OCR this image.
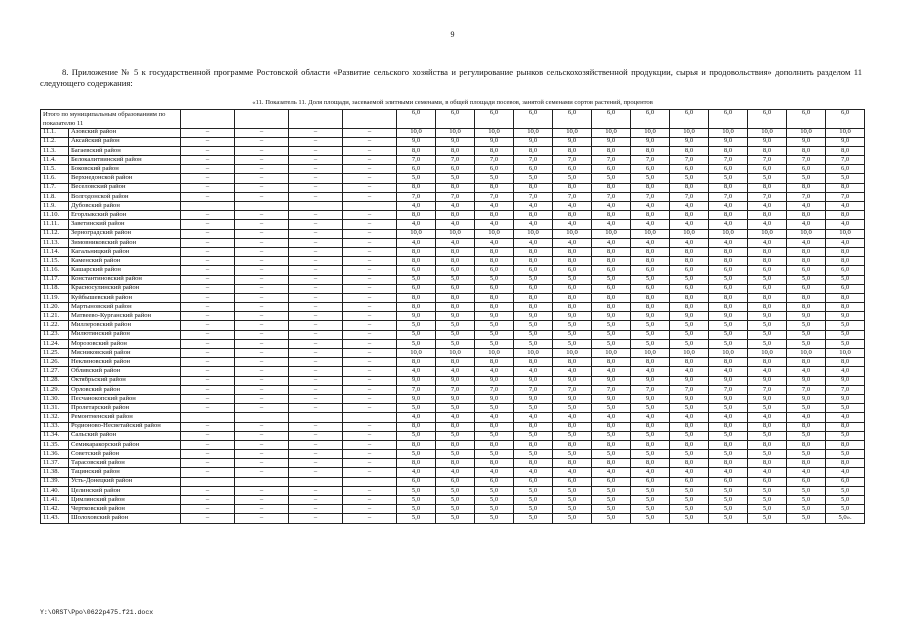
9

8. Приложение № 5 к государственной программе Ростовской области «Развитие сельского хозяйства и регулирование рынков сельскохозяйственной продукции, сырья и продовольствия» дополнить разделом 11 следующего содержания:

«11. Показатель 11. Доля площади, засеваемой элитными семенами, в общей площади посевов, занятой семенами сортов растений, процентов																	
Итого по муниципальным образованиям по показателю 11						6,0	6,0	6,0	6,0	6,0	6,0	6,0	6,0	6,0	6,0	6,0	6,0
11.1.	Азовский район	–	–	–	–	10,0	10,0	10,0	10,0	10,0	10,0	10,0	10,0	10,0	10,0	10,0	10,0
11.2.	Аксайский район	–	–	–	–	9,0	9,0	9,0	9,0	9,0	9,0	9,0	9,0	9,0	9,0	9,0	9,0
11.3.	Багаевский район	–	–	–	–	8,0	8,0	8,0	8,0	8,0	8,0	8,0	8,0	8,0	8,0	8,0	8,0
11.4.	Белокалитвинский район	–	–	–	–	7,0	7,0	7,0	7,0	7,0	7,0	7,0	7,0	7,0	7,0	7,0	7,0
11.5.	Боковский район	–	–	–	–	6,0	6,0	6,0	6,0	6,0	6,0	6,0	6,0	6,0	6,0	6,0	6,0
11.6.	Верхнедонской район	–	–	–	–	5,0	5,0	5,0	5,0	5,0	5,0	5,0	5,0	5,0	5,0	5,0	5,0
11.7.	Веселовский район	–	–	–	–	8,0	8,0	8,0	8,0	8,0	8,0	8,0	8,0	8,0	8,0	8,0	8,0
11.8.	Волгодонской район	–	–	–	–	7,0	7,0	7,0	7,0	7,0	7,0	7,0	7,0	7,0	7,0	7,0	7,0
11.9.	Дубовский район					4,0	4,0	4,0	4,0	4,0	4,0	4,0	4,0	4,0	4,0	4,0	4,0
11.10.	Егорлыкский район	–	–	–	–	8,0	8,0	8,0	8,0	8,0	8,0	8,0	8,0	8,0	8,0	8,0	8,0
11.11.	Заветинский район	–	–	–	–	4,0	4,0	4,0	4,0	4,0	4,0	4,0	4,0	4,0	4,0	4,0	4,0
11.12.	Зерноградский район	–	–	–	–	10,0	10,0	10,0	10,0	10,0	10,0	10,0	10,0	10,0	10,0	10,0	10,0
11.13.	Зимовниковский район	–	–	–	–	4,0	4,0	4,0	4,0	4,0	4,0	4,0	4,0	4,0	4,0	4,0	4,0
11.14.	Кагальницкий район	–	–	–	–	8,0	8,0	8,0	8,0	8,0	8,0	8,0	8,0	8,0	8,0	8,0	8,0
11.15.	Каменский район	–	–	–	–	8,0	8,0	8,0	8,0	8,0	8,0	8,0	8,0	8,0	8,0	8,0	8,0
11.16.	Кашарский район	–	–	–	–	6,0	6,0	6,0	6,0	6,0	6,0	6,0	6,0	6,0	6,0	6,0	6,0
11.17.	Константиновский район	–	–	–	–	5,0	5,0	5,0	5,0	5,0	5,0	5,0	5,0	5,0	5,0	5,0	5,0
11.18.	Красносулинский район	–	–	–	–	6,0	6,0	6,0	6,0	6,0	6,0	6,0	6,0	6,0	6,0	6,0	6,0
11.19.	Куйбышевский район	–	–	–	–	8,0	8,0	8,0	8,0	8,0	8,0	8,0	8,0	8,0	8,0	8,0	8,0
11.20.	Мартыновский район	–	–	–	–	8,0	8,0	8,0	8,0	8,0	8,0	8,0	8,0	8,0	8,0	8,0	8,0
11.21.	Матвеево-Курганский район	–	–	–	–	9,0	9,0	9,0	9,0	9,0	9,0	9,0	9,0	9,0	9,0	9,0	9,0
11.22.	Миллеровский район	–	–	–	–	5,0	5,0	5,0	5,0	5,0	5,0	5,0	5,0	5,0	5,0	5,0	5,0
11.23.	Милютинский район	–	–	–	–	5,0	5,0	5,0	5,0	5,0	5,0	5,0	5,0	5,0	5,0	5,0	5,0
11.24.	Морозовский район	–	–	–	–	5,0	5,0	5,0	5,0	5,0	5,0	5,0	5,0	5,0	5,0	5,0	5,0
11.25.	Мясниковский район	–	–	–	–	10,0	10,0	10,0	10,0	10,0	10,0	10,0	10,0	10,0	10,0	10,0	10,0
11.26.	Неклиновский район	–	–	–	–	8,0	8,0	8,0	8,0	8,0	8,0	8,0	8,0	8,0	8,0	8,0	8,0
11.27.	Обливский район	–	–	–	–	4,0	4,0	4,0	4,0	4,0	4,0	4,0	4,0	4,0	4,0	4,0	4,0
11.28.	Октябрьский район	–	–	–	–	9,0	9,0	9,0	9,0	9,0	9,0	9,0	9,0	9,0	9,0	9,0	9,0
11.29.	Орловский район	–	–	–	–	7,0	7,0	7,0	7,0	7,0	7,0	7,0	7,0	7,0	7,0	7,0	7,0
11.30.	Песчанокопский район	–	–	–	–	9,0	9,0	9,0	9,0	9,0	9,0	9,0	9,0	9,0	9,0	9,0	9,0
11.31.	Пролетарский район	–	–	–	–	5,0	5,0	5,0	5,0	5,0	5,0	5,0	5,0	5,0	5,0	5,0	5,0
11.32.	Ремонтненский район					4,0	4,0	4,0	4,0	4,0	4,0	4,0	4,0	4,0	4,0	4,0	4,0
11.33.	Родионово-Несветайский район	–	–	–	–	8,0	8,0	8,0	8,0	8,0	8,0	8,0	8,0	8,0	8,0	8,0	8,0
11.34.	Сальский район	–	–	–	–	5,0	5,0	5,0	5,0	5,0	5,0	5,0	5,0	5,0	5,0	5,0	5,0
11.35.	Семикаракорский район	–	–	–	–	8,0	8,0	8,0	8,0	8,0	8,0	8,0	8,0	8,0	8,0	8,0	8,0
11.36.	Советский район	–	–	–	–	5,0	5,0	5,0	5,0	5,0	5,0	5,0	5,0	5,0	5,0	5,0	5,0
11.37.	Тарасовский район	–	–	–	–	8,0	8,0	8,0	8,0	8,0	8,0	8,0	8,0	8,0	8,0	8,0	8,0
11.38.	Тацинский район	–	–	–	–	4,0	4,0	4,0	4,0	4,0	4,0	4,0	4,0	4,0	4,0	4,0	4,0
11.39.	Усть-Донецкий район					6,0	6,0	6,0	6,0	6,0	6,0	6,0	6,0	6,0	6,0	6,0	6,0
11.40.	Целинский район	–	–	–	–	5,0	5,0	5,0	5,0	5,0	5,0	5,0	5,0	5,0	5,0	5,0	5,0
11.41.	Цимлянский район	–	–	–	–	5,0	5,0	5,0	5,0	5,0	5,0	5,0	5,0	5,0	5,0	5,0	5,0
11.42.	Чертковский район	–	–	–	–	5,0	5,0	5,0	5,0	5,0	5,0	5,0	5,0	5,0	5,0	5,0	5,0
11.43.	Шолоховский район	–	–	–	–	5,0	5,0	5,0	5,0	5,0	5,0	5,0	5,0	5,0	5,0	5,0	5,0».
Y:\ORST\Ppo\0622p475.f21.docx
